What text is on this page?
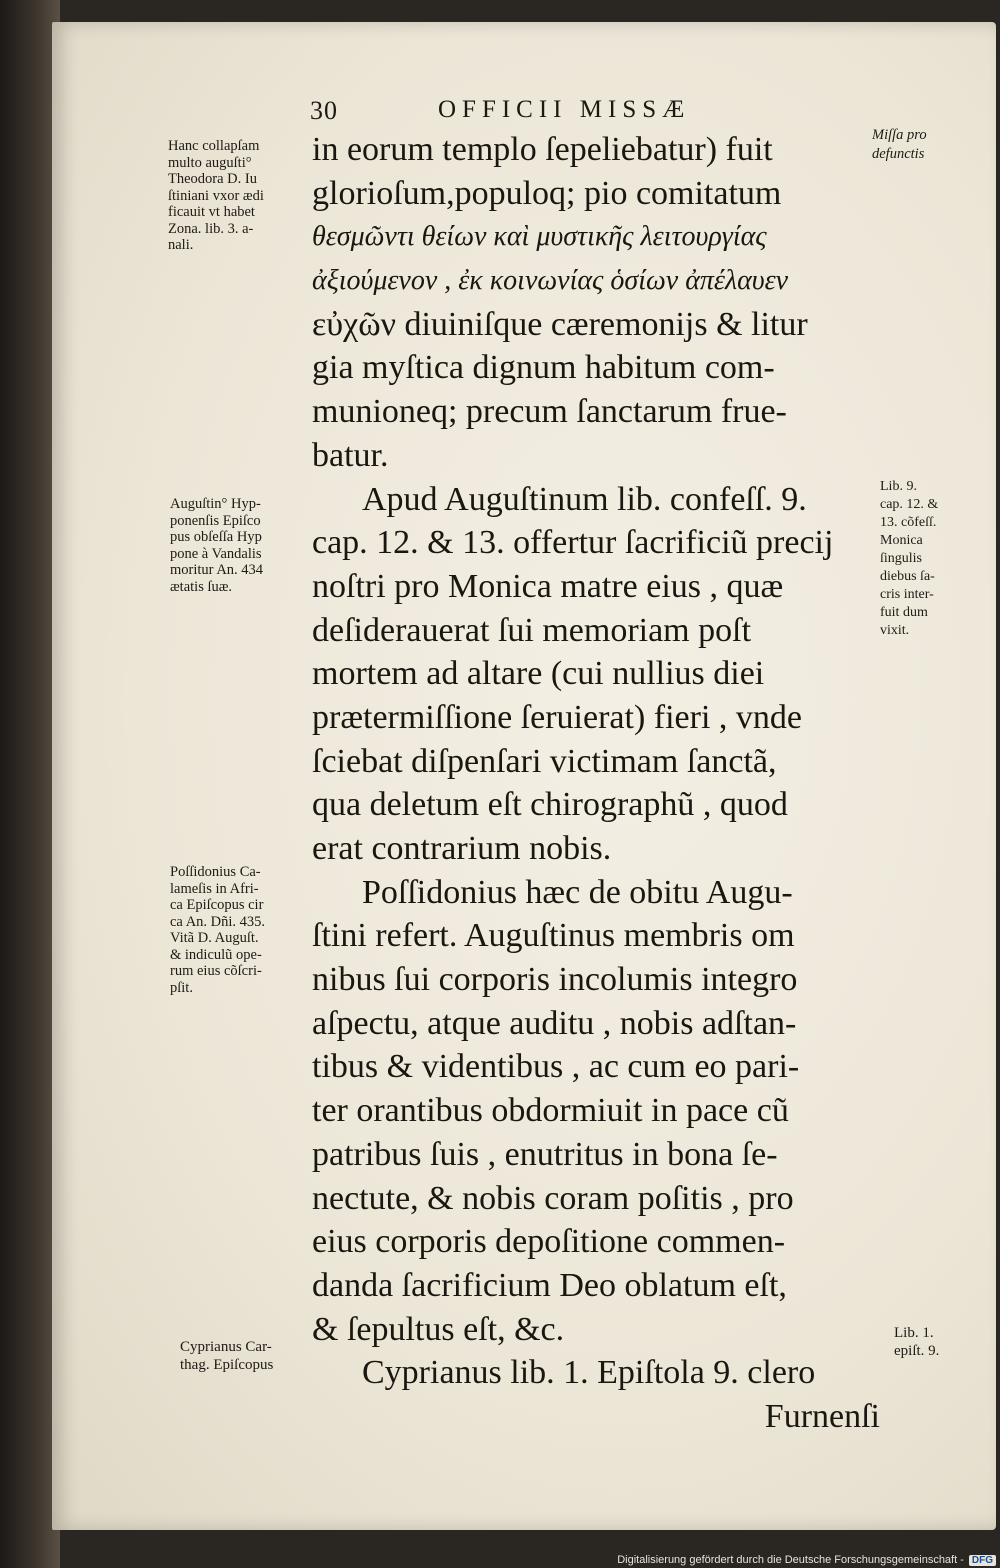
30	OFFICII MISSÆ
in eorum templo ſepeliebatur) fuit
glorioſum,populoq; pio comitatum
θεσμῶντι θείων καὶ μυστικῆς λειτουργίας
ἀξιούμενον , ἐκ κοινωνίας ὁσίων ἀπέλαυεν
εὐχῶν diuiniſque cæremonijs & litur
gia myſtica dignum habitum com-
munioneq; precum ſanctarum frue-
batur.
Apud Auguſtinum lib. confeſſ. 9.
cap. 12. & 13. offertur ſacrificiũ precij
noſtri pro Monica matre eius , quæ
deſiderauerat ſui memoriam poſt
mortem ad altare (cui nullius diei
prætermiſſione ſeruierat) fieri , vnde
ſciebat diſpenſari victimam ſanctã,
qua deletum eſt chirographũ , quod
erat contrarium nobis.
Poſſidonius hæc de obitu Augu-
ſtini refert. Auguſtinus membris om
nibus ſui corporis incolumis integro
aſpectu, atque auditu , nobis adſtan-
tibus & videntibus , ac cum eo pari-
ter orantibus obdormiuit in pace cũ
patribus ſuis , enutritus in bona ſe-
nectute, & nobis coram poſitis , pro
eius corporis depoſitione commen-
danda ſacrificium Deo oblatum eſt,
& ſepultus eſt, &c.
Cyprianus lib. 1. Epiſtola 9. clero
Furnenſi
Hanc collapſam
multo auguſti°
Theodora D. Iu
ſtiniani vxor ædi
ficauit vt habet
Zona. lib. 3. a-
nali.
Auguſtin° Hyp-
ponenſis Epiſco
pus obſeſſa Hyp
pone à Vandalis
moritur An. 434
ætatis ſuæ.
Poſſidonius Ca-
lameſis in Afri-
ca Epiſcopus cir
ca An. Dñi. 435.
Vitã D. Auguſt.
& indiculũ ope-
rum eius cõſcri-
pſit.
Cyprianus Car-
thag. Epiſcopus
Miſſa pro
defunctis
Lib. 9.
cap. 12. &
13. cõfeſſ.
Monica
ſingulis
diebus ſa-
cris inter-
fuit dum
vixit.
Lib. 1.
epiſt. 9.
Digitalisierung gefördert durch die Deutsche Forschungsgemeinschaft - DFG
